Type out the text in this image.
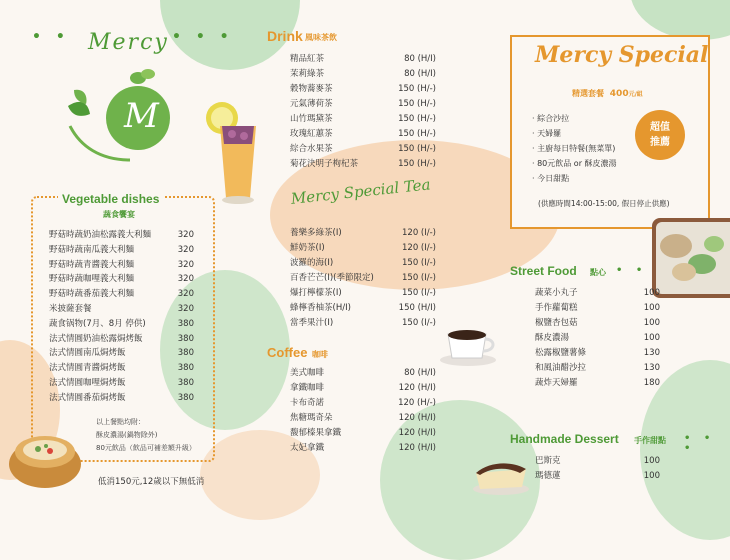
• • Mercy • • •
M
Vegetable dishes
蔬食饗宴
野菇時蔬奶油松露義大利麵	320
野菇時蔬南瓜義大利麵	320
野菇時蔬青醬義大利麵	320
野菇時蔬咖哩義大利麵	320
野菇時蔬番茄義大利麵	320
米披薩套餐	320
蔬食锅物(7月、8月 停供)	380
法式情圓奶油松露焗烤飯	380
法式情圓南瓜焗烤飯	380
法式情圓青醬焗烤飯	380
法式情圓咖哩焗烤飯	380
法式情圓番茄焗烤飯	380
以上餐點均附：
酥皮濃湯(鍋物除外)
80元飲品（飲品可補差額升級）
低消150元,12歲以下無低消
Drink 風味茶飲
精品紅茶	80 (H/I)
茉莉綠茶	80 (H/I)
穀物蕎麥茶	150 (H/-)
元氣薄荷茶	150 (H/-)
山竹瑪黛茶	150 (H/-)
玫瑰紅蕙茶	150 (H/-)
綜合水果茶	150 (H/-)
菊花決明子枸杞茶	150 (H/-)
Mercy Special Tea
養樂多綠茶(I)	120 (I/-)
鮮奶茶(I)	120 (I/-)
波羅的海(I)	150 (I/-)
百香芒芒(I)(季節限定)	150 (I/-)
爆打檸檬茶(I)	150 (I/-)
蜂檸香柚茶(H/I)	150 (H/I)
當季果汁(I)	150 (I/-)
Coffee 咖啡
美式咖啡	80 (H/I)
拿鐵咖啡	120 (H/I)
卡布奇諾	120 (H/-)
焦糖瑪奇朵	120 (H/I)
馥郁榛果拿鐵	120 (H/I)
太妃拿鐵	120 (H/I)
Mercy Special
精選套餐 400元/組
· 綜合沙拉
· 天婦羅
· 主廚每日特餐(無菜單)
· 80元飲品 or 酥皮濃湯
· 今日甜點
(供應時間14:00-15:00, 假日停止供應)
超值
推薦
Street Food 點心 • •
蔬菜小丸子	100
手作蘿蔔糕	100
椒鹽杏包菇	100
酥皮濃湯	100
松露椒鹽薯條	130
和風油醋沙拉	130
蔬炸天婦羅	180
Handmade Dessert 手作甜點 • • •
巴斯克	100
瑪德蓮	100
